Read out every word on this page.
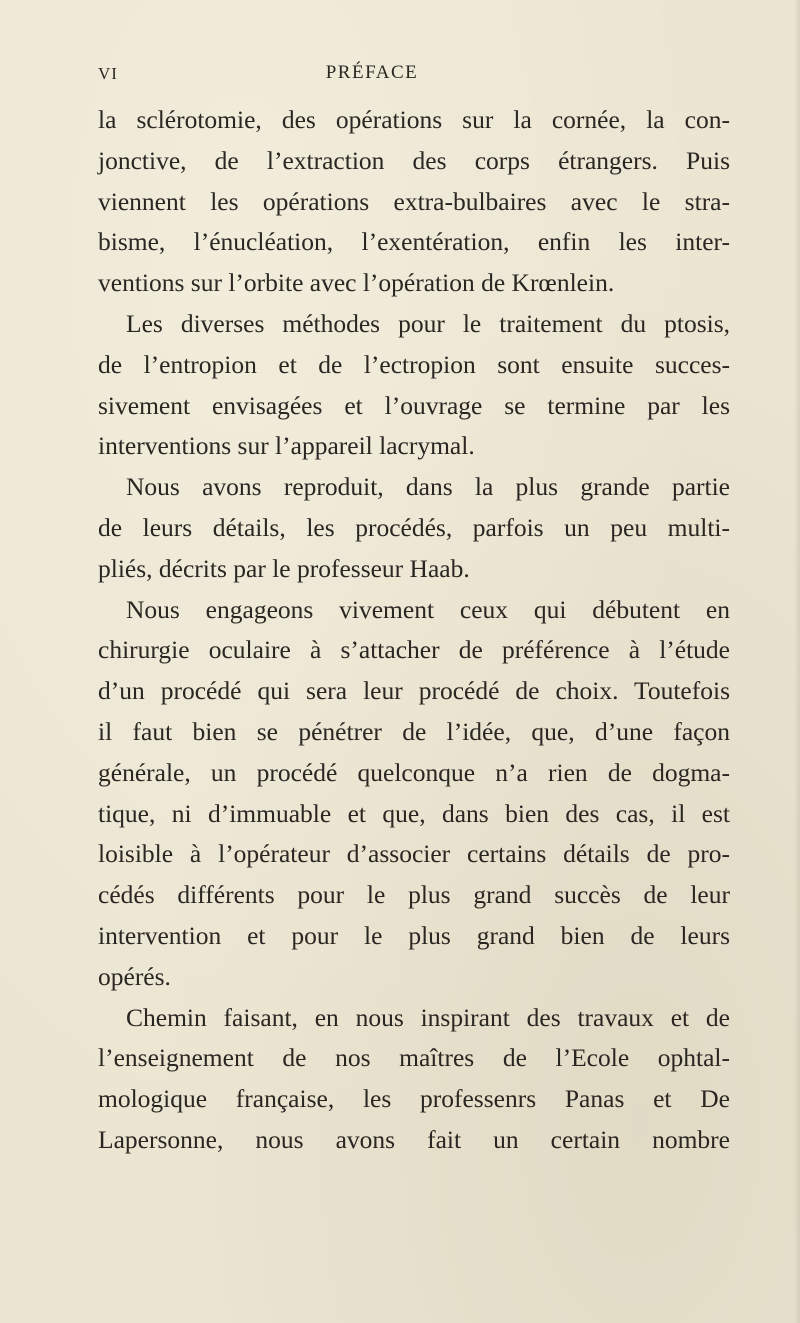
VI	PRÉFACE
la sclérotomie, des opérations sur la cornée, la con-
jonctive, de l’extraction des corps étrangers. Puis
viennent les opérations extra-bulbaires avec le stra-
bisme, l’énucléation, l’exentération, enfin les inter-
ventions sur l’orbite avec l’opération de Krœnlein.
Les diverses méthodes pour le traitement du ptosis,
de l’entropion et de l’ectropion sont ensuite succes-
sivement envisagées et l’ouvrage se termine par les
interventions sur l’appareil lacrymal.
Nous avons reproduit, dans la plus grande partie
de leurs détails, les procédés, parfois un peu multi-
pliés, décrits par le professeur Haab.
Nous engageons vivement ceux qui débutent en
chirurgie oculaire à s’attacher de préférence à l’étude
d’un procédé qui sera leur procédé de choix. Toutefois
il faut bien se pénétrer de l’idée, que, d’une façon
générale, un procédé quelconque n’a rien de dogma-
tique, ni d’immuable et que, dans bien des cas, il est
loisible à l’opérateur d’associer certains détails de pro-
cédés différents pour le plus grand succès de leur
intervention et pour le plus grand bien de leurs
opérés.
Chemin faisant, en nous inspirant des travaux et de
l’enseignement de nos maîtres de l’Ecole ophtal-
mologique française, les professenrs Panas et De
Lapersonne, nous avons fait un certain nombre
